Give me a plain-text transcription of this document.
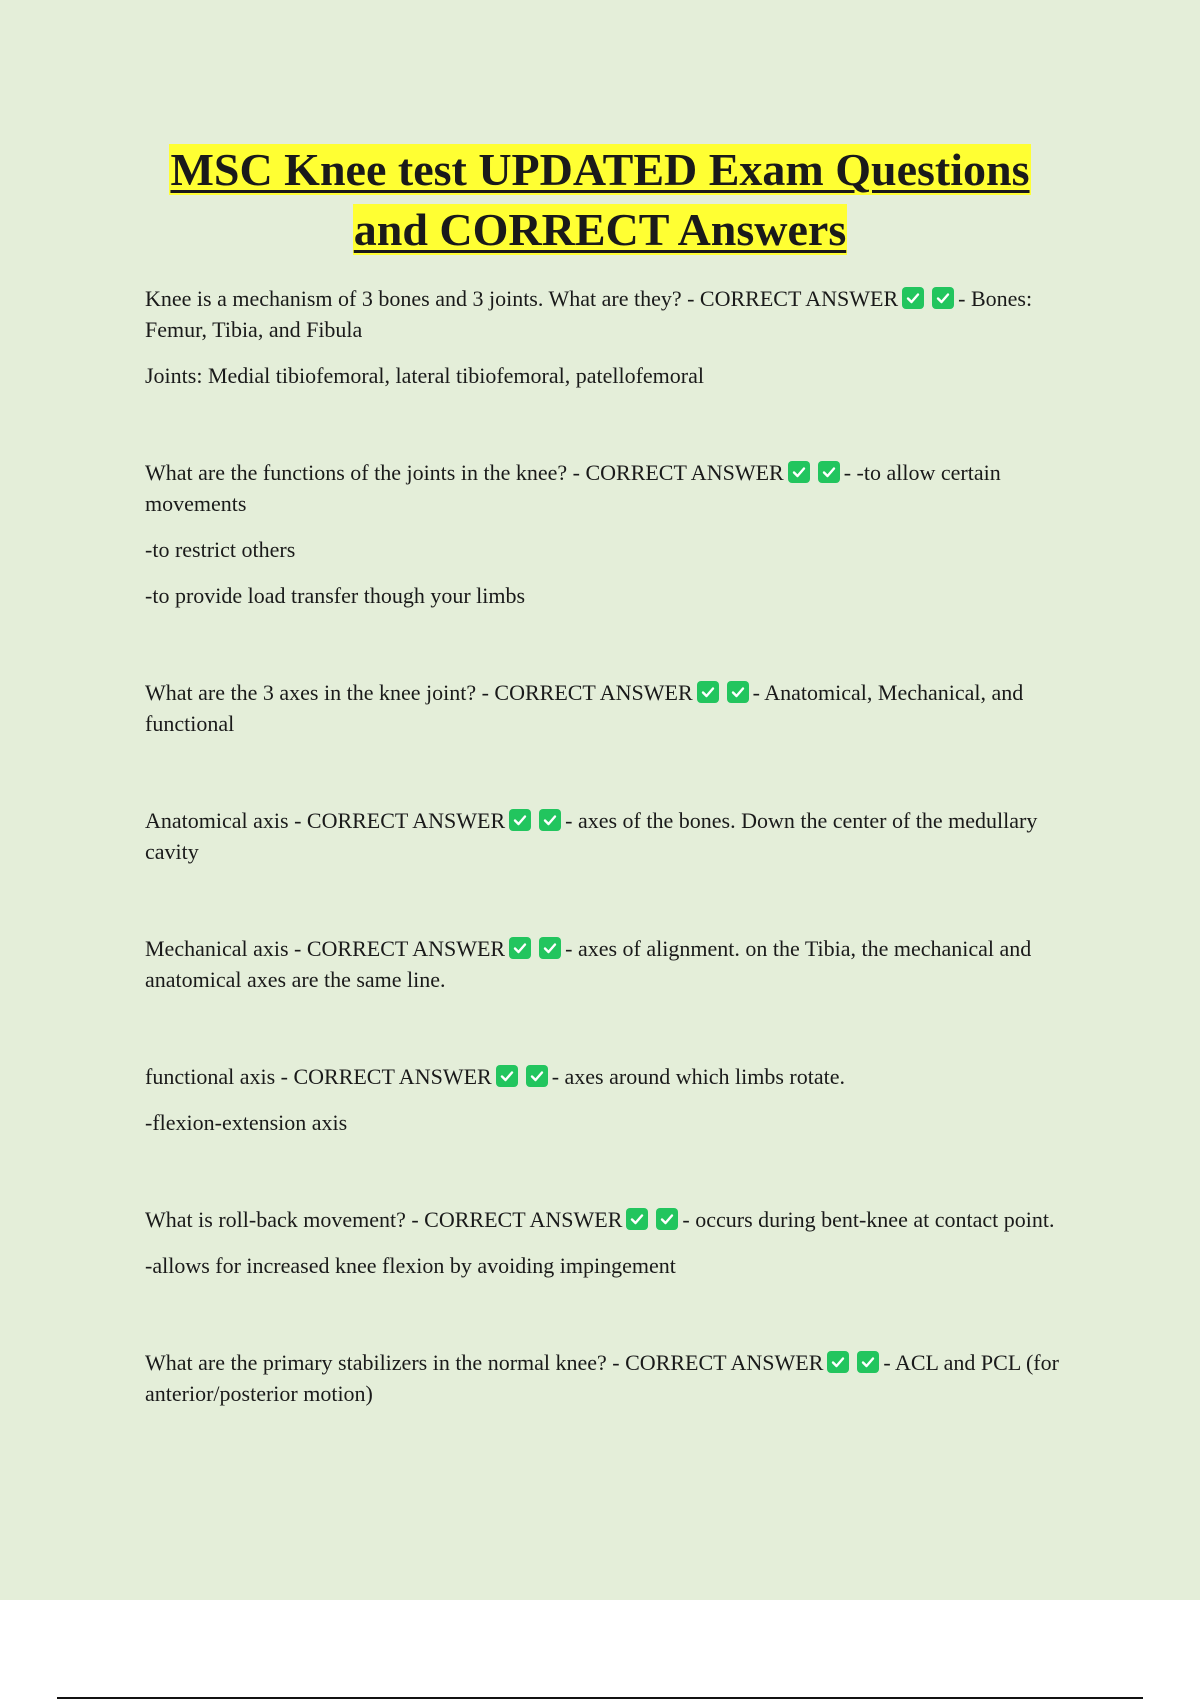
MSC Knee test UPDATED Exam Questions
and CORRECT Answers

Knee is a mechanism of 3 bones and 3 joints. What are they? - CORRECT ANSWER	- Bones: Femur, Tibia, and Fibula

Joints: Medial tibiofemoral, lateral tibiofemoral, patellofemoral

What are the functions of the joints in the knee? - CORRECT ANSWER	- -to allow certain movements

-to restrict others

-to provide load transfer though your limbs

What are the 3 axes in the knee joint? - CORRECT ANSWER	- Anatomical, Mechanical, and functional

Anatomical axis - CORRECT ANSWER	- axes of the bones. Down the center of the medullary cavity

Mechanical axis - CORRECT ANSWER	- axes of alignment. on the Tibia, the mechanical and anatomical axes are the same line.

functional axis - CORRECT ANSWER	- axes around which limbs rotate.

-flexion-extension axis

What is roll-back movement? - CORRECT ANSWER	- occurs during bent-knee at contact point.

-allows for increased knee flexion by avoiding impingement

What are the primary stabilizers in the normal knee? - CORRECT ANSWER	- ACL and PCL (for anterior/posterior motion)
